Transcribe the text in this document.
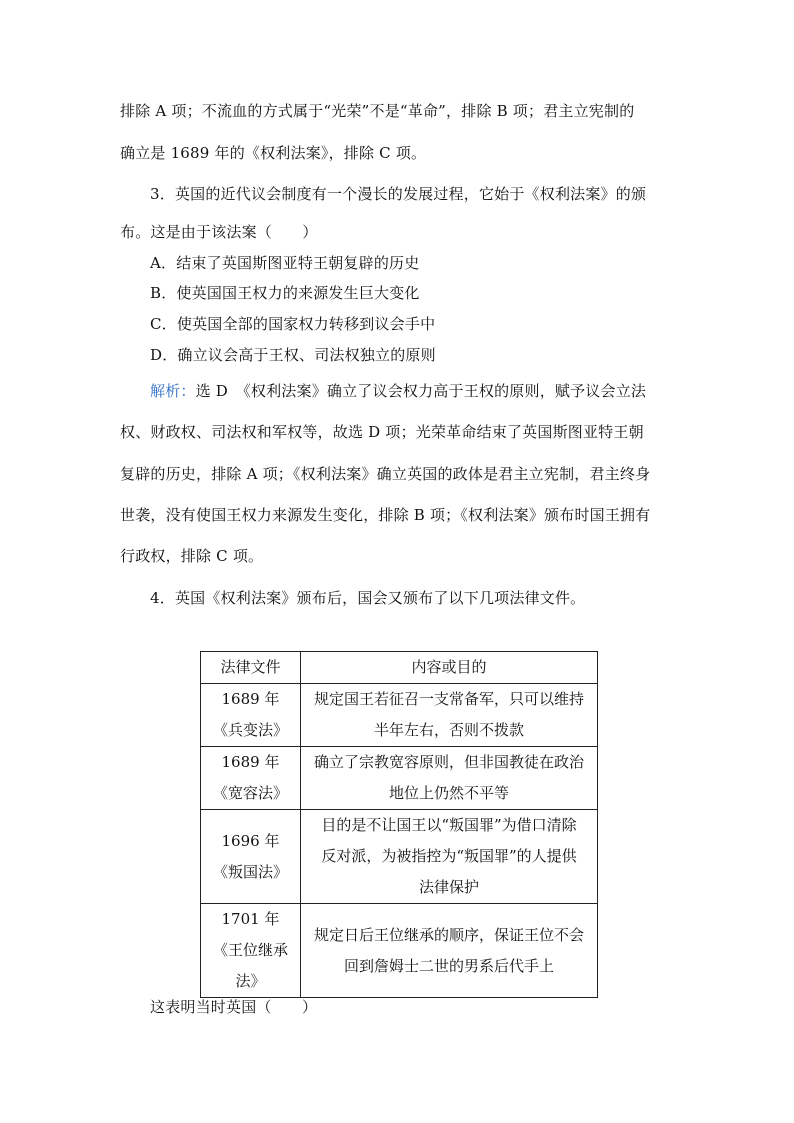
排除 A 项；不流血的方式属于“光荣”不是“革命”，排除 B 项；君主立宪制的
确立是 1689 年的《权利法案》，排除 C 项。
3．英国的近代议会制度有一个漫长的发展过程，它始于《权利法案》的颁
布。这是由于该法案（　　）
A．结束了英国斯图亚特王朝复辟的历史
B．使英国国王权力的来源发生巨大变化
C．使英国全部的国家权力转移到议会手中
D．确立议会高于王权、司法权独立的原则
解析：选 D　《权利法案》确立了议会权力高于王权的原则，赋予议会立法
权、财政权、司法权和军权等，故选 D 项；光荣革命结束了英国斯图亚特王朝
复辟的历史，排除 A 项；《权利法案》确立英国的政体是君主立宪制，君主终身
世袭，没有使国王权力来源发生变化，排除 B 项；《权利法案》颁布时国王拥有
行政权，排除 C 项。
4．英国《权利法案》颁布后，国会又颁布了以下几项法律文件。
法律文件	内容或目的
1689 年
《兵变法》	规定国王若征召一支常备军，只可以维持
半年左右，否则不拨款
1689 年
《宽容法》	确立了宗教宽容原则，但非国教徒在政治
地位上仍然不平等
1696 年
《叛国法》	目的是不让国王以“叛国罪”为借口清除
反对派，为被指控为“叛国罪”的人提供
法律保护
1701 年
《王位继承
法》	规定日后王位继承的顺序，保证王位不会
回到詹姆士二世的男系后代手上
这表明当时英国（　　）
